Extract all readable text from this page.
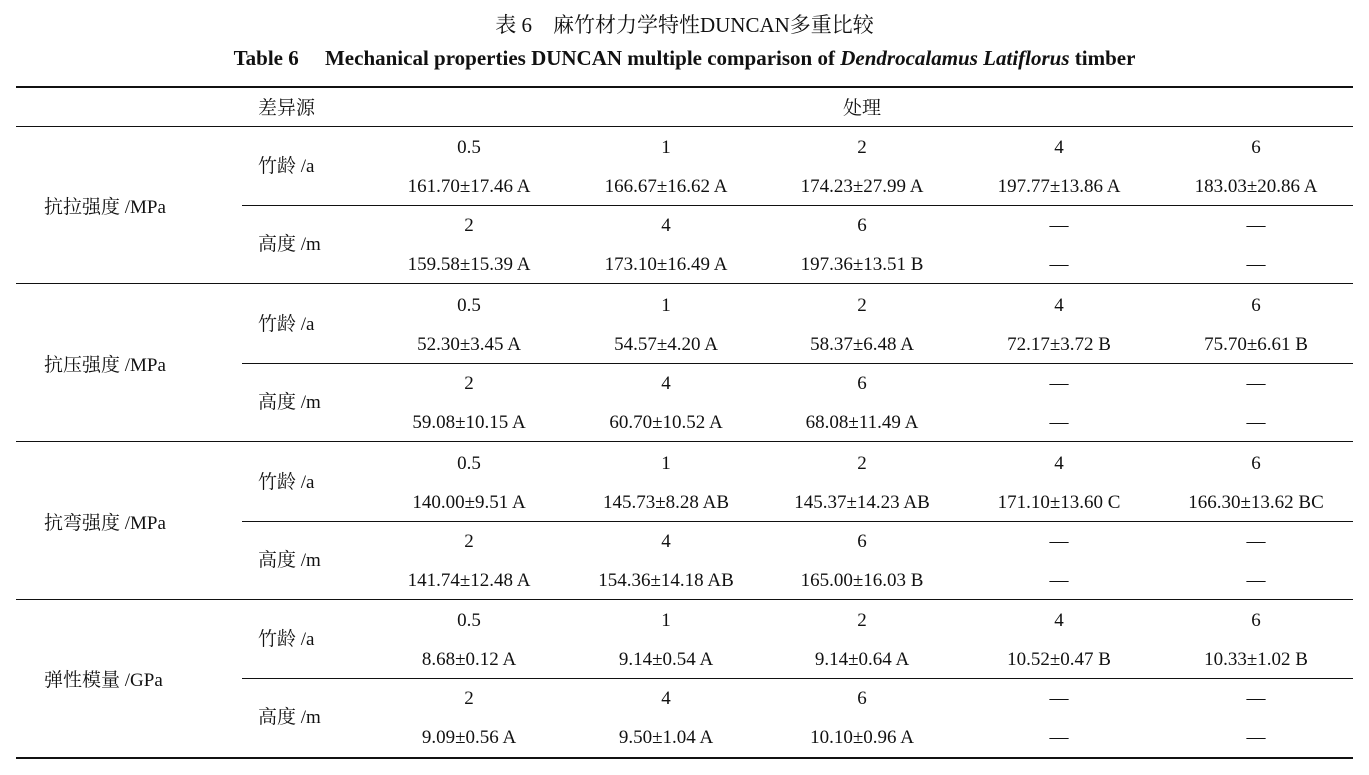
表 6　麻竹材力学特性DUNCAN多重比较
Table 6　 Mechanical properties DUNCAN multiple comparison of Dendrocalamus Latiflorus timber
差异源	处理
抗拉强度 /MPa
竹龄 /a
0.5	1	2	4	6
161.70±17.46 A	166.67±16.62 A	174.23±27.99 A	197.77±13.86 A	183.03±20.86 A
高度 /m
2	4	6	—	—
159.58±15.39 A	173.10±16.49 A	197.36±13.51 B	—	—
抗压强度 /MPa
竹龄 /a
0.5	1	2	4	6
52.30±3.45 A	54.57±4.20 A	58.37±6.48 A	72.17±3.72 B	75.70±6.61 B
高度 /m
2	4	6	—	—
59.08±10.15 A	60.70±10.52 A	68.08±11.49 A	—	—
抗弯强度 /MPa
竹龄 /a
0.5	1	2	4	6
140.00±9.51 A	145.73±8.28 AB	145.37±14.23 AB	171.10±13.60 C	166.30±13.62 BC
高度 /m
2	4	6	—	—
141.74±12.48 A	154.36±14.18 AB	165.00±16.03 B	—	—
弹性模量 /GPa
竹龄 /a
0.5	1	2	4	6
8.68±0.12 A	9.14±0.54 A	9.14±0.64 A	10.52±0.47 B	10.33±1.02 B
高度 /m
2	4	6	—	—
9.09±0.56 A	9.50±1.04 A	10.10±0.96 A	—	—
